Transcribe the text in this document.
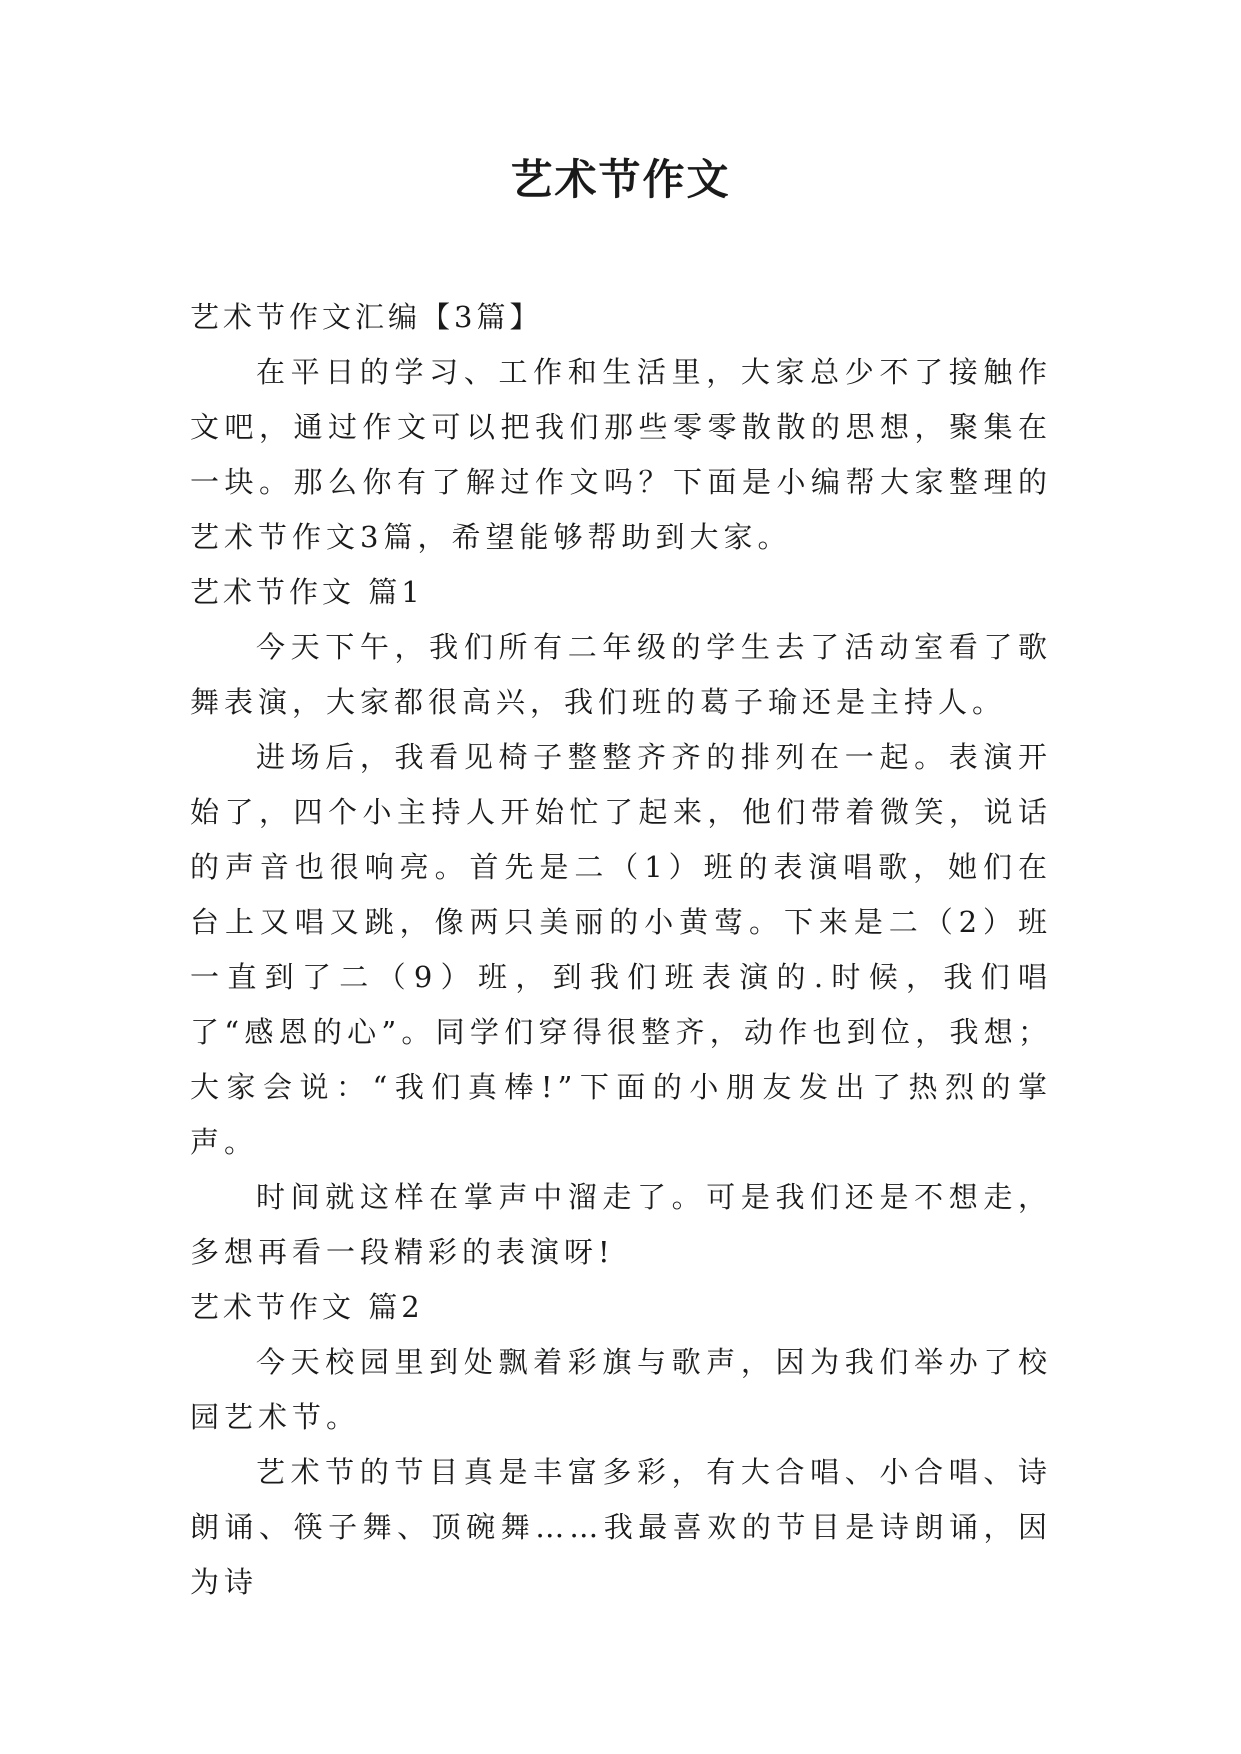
艺术节作文

艺术节作文汇编【3篇】

在平日的学习、工作和生活里，大家总少不了接触作文吧，通过作文可以把我们那些零零散散的思想，聚集在一块。那么你有了解过作文吗？下面是小编帮大家整理的艺术节作文3篇，希望能够帮助到大家。

艺术节作文 篇1

今天下午，我们所有二年级的学生去了活动室看了歌舞表演，大家都很高兴，我们班的葛子瑜还是主持人。

进场后，我看见椅子整整齐齐的排列在一起。表演开始了，四个小主持人开始忙了起来，他们带着微笑，说话的声音也很响亮。首先是二（1）班的表演唱歌，她们在台上又唱又跳，像两只美丽的小黄莺。下来是二（2）班一直到了二（9）班，到我们班表演的.时候，我们唱了“感恩的心”。同学们穿得很整齐，动作也到位，我想；大家会说：“我们真棒!”下面的小朋友发出了热烈的掌声。

时间就这样在掌声中溜走了。可是我们还是不想走，多想再看一段精彩的表演呀!

艺术节作文 篇2

今天校园里到处飘着彩旗与歌声，因为我们举办了校园艺术节。

艺术节的节目真是丰富多彩，有大合唱、小合唱、诗朗诵、筷子舞、顶碗舞……我最喜欢的节目是诗朗诵，因为诗
